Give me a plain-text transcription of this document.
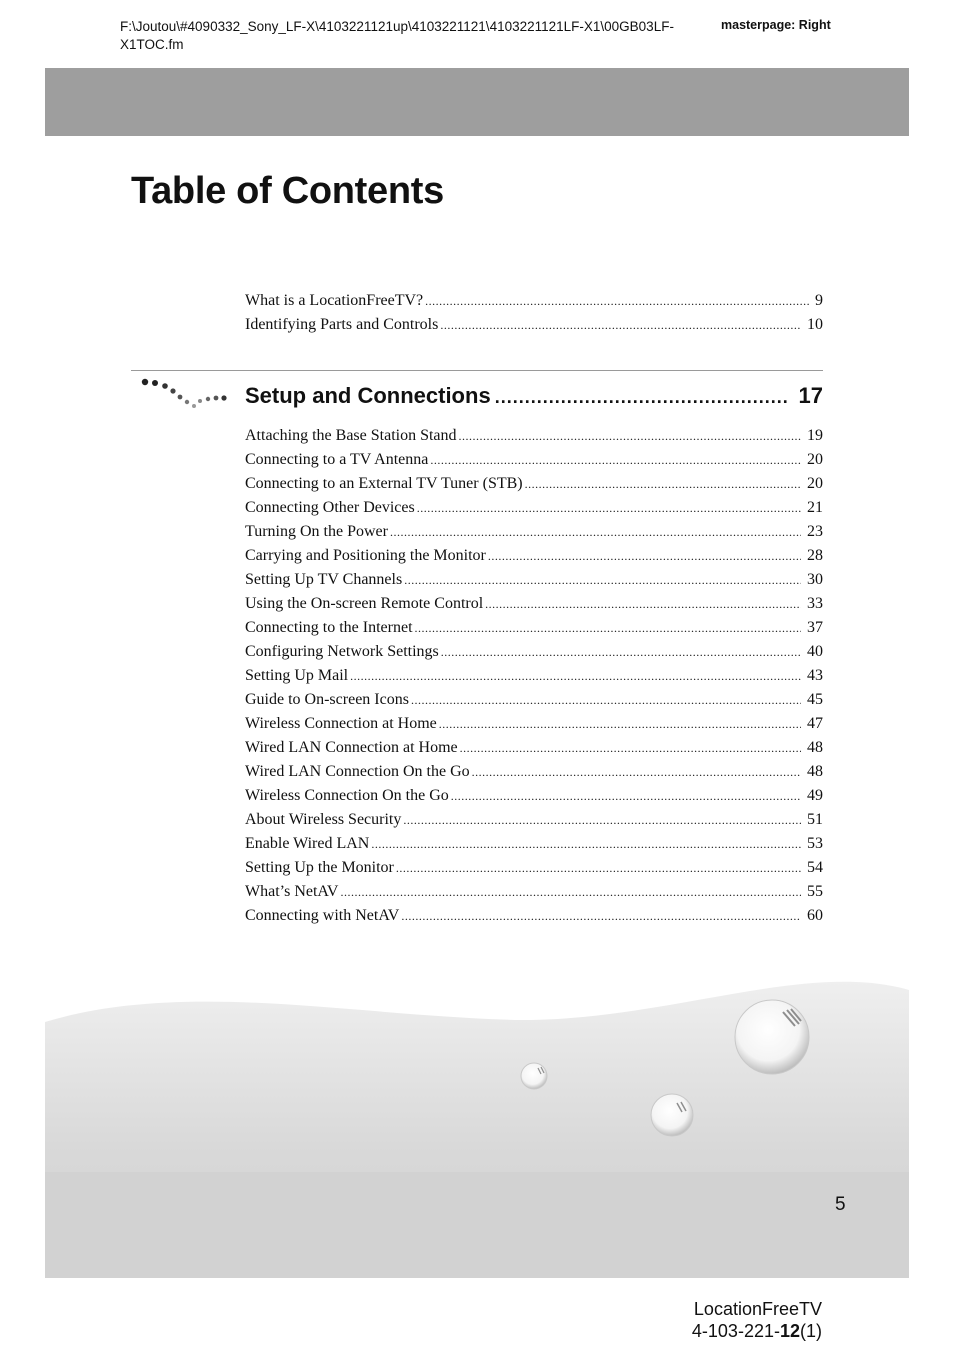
F:\Joutou\#4090332_Sony_LF-X\4103221121up\4103221121\4103221121LF-X1\00GB03LF-X1TOC.fm
masterpage: Right
Table of Contents
What is a LocationFreeTV? .....	9
Identifying Parts and Controls .....	10
Setup and Connections .....	17
Attaching the Base Station Stand .....	19
Connecting to a TV Antenna .....	20
Connecting to an External TV Tuner (STB) .....	20
Connecting Other Devices .....	21
Turning On the Power .....	23
Carrying and Positioning the Monitor .....	28
Setting Up TV Channels .....	30
Using the On-screen Remote Control .....	33
Connecting to the Internet .....	37
Configuring Network Settings .....	40
Setting Up Mail .....	43
Guide to On-screen Icons .....	45
Wireless Connection at Home .....	47
Wired LAN Connection at Home .....	48
Wired LAN Connection On the Go .....	48
Wireless Connection On the Go .....	49
About Wireless Security .....	51
Enable Wired LAN .....	53
Setting Up the Monitor .....	54
What’s NetAV .....	55
Connecting with NetAV .....	60
5
LocationFreeTV
4-103-221-12(1)
